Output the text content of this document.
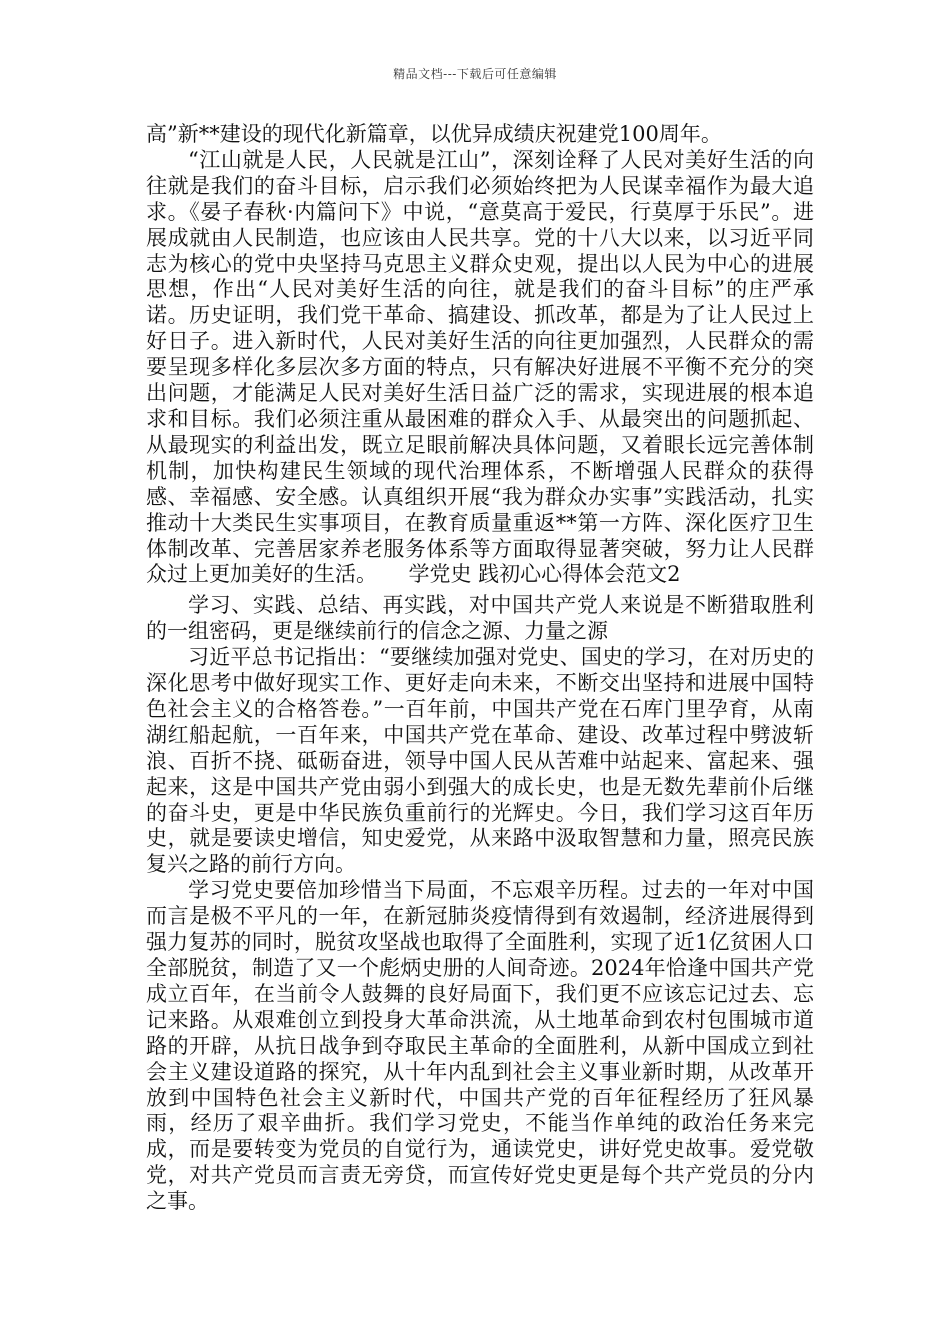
精品文档---下载后可任意编辑

高”新**建设的现代化新篇章，以优异成绩庆祝建党100周年。

“江山就是人民，人民就是江山”，深刻诠释了人民对美好生活的向往就是我们的奋斗目标，启示我们必须始终把为人民谋幸福作为最大追求。《晏子春秋·内篇问下》中说，“意莫高于爱民，行莫厚于乐民”。进展成就由人民制造，也应该由人民共享。党的十八大以来，以习近平同志为核心的党中央坚持马克思主义群众史观，提出以人民为中心的进展思想，作出“人民对美好生活的向往，就是我们的奋斗目标”的庄严承诺。历史证明，我们党干革命、搞建设、抓改革，都是为了让人民过上好日子。进入新时代，人民对美好生活的向往更加强烈，人民群众的需要呈现多样化多层次多方面的特点，只有解决好进展不平衡不充分的突出问题，才能满足人民对美好生活日益广泛的需求，实现进展的根本追求和目标。我们必须注重从最困难的群众入手、从最突出的问题抓起、从最现实的利益出发，既立足眼前解决具体问题，又着眼长远完善体制机制，加快构建民生领域的现代治理体系，不断增强人民群众的获得感、幸福感、安全感。认真组织开展“我为群众办实事”实践活动，扎实推动十大类民生实事项目，在教育质量重返**第一方阵、深化医疗卫生体制改革、完善居家养老服务体系等方面取得显著突破，努力让人民群众过上更加美好的生活。 学党史 践初心心得体会范文2

学习、实践、总结、再实践，对中国共产党人来说是不断猎取胜利的一组密码，更是继续前行的信念之源、力量之源

习近平总书记指出：“要继续加强对党史、国史的学习，在对历史的深化思考中做好现实工作、更好走向未来，不断交出坚持和进展中国特色社会主义的合格答卷。”一百年前，中国共产党在石库门里孕育，从南湖红船起航，一百年来，中国共产党在革命、建设、改革过程中劈波斩浪、百折不挠、砥砺奋进，领导中国人民从苦难中站起来、富起来、强起来，这是中国共产党由弱小到强大的成长史，也是无数先辈前仆后继的奋斗史，更是中华民族负重前行的光辉史。今日，我们学习这百年历史，就是要读史增信，知史爱党，从来路中汲取智慧和力量，照亮民族复兴之路的前行方向。

学习党史要倍加珍惜当下局面，不忘艰辛历程。过去的一年对中国而言是极不平凡的一年，在新冠肺炎疫情得到有效遏制，经济进展得到强力复苏的同时，脱贫攻坚战也取得了全面胜利，实现了近1亿贫困人口全部脱贫，制造了又一个彪炳史册的人间奇迹。2024年恰逢中国共产党成立百年，在当前令人鼓舞的良好局面下，我们更不应该忘记过去、忘记来路。从艰难创立到投身大革命洪流，从土地革命到农村包围城市道路的开辟，从抗日战争到夺取民主革命的全面胜利，从新中国成立到社会主义建设道路的探究，从十年内乱到社会主义事业新时期，从改革开放到中国特色社会主义新时代，中国共产党的百年征程经历了狂风暴雨，经历了艰辛曲折。我们学习党史，不能当作单纯的政治任务来完成，而是要转变为党员的自觉行为，通读党史，讲好党史故事。爱党敬党，对共产党员而言责无旁贷，而宣传好党史更是每个共产党员的分内之事。
